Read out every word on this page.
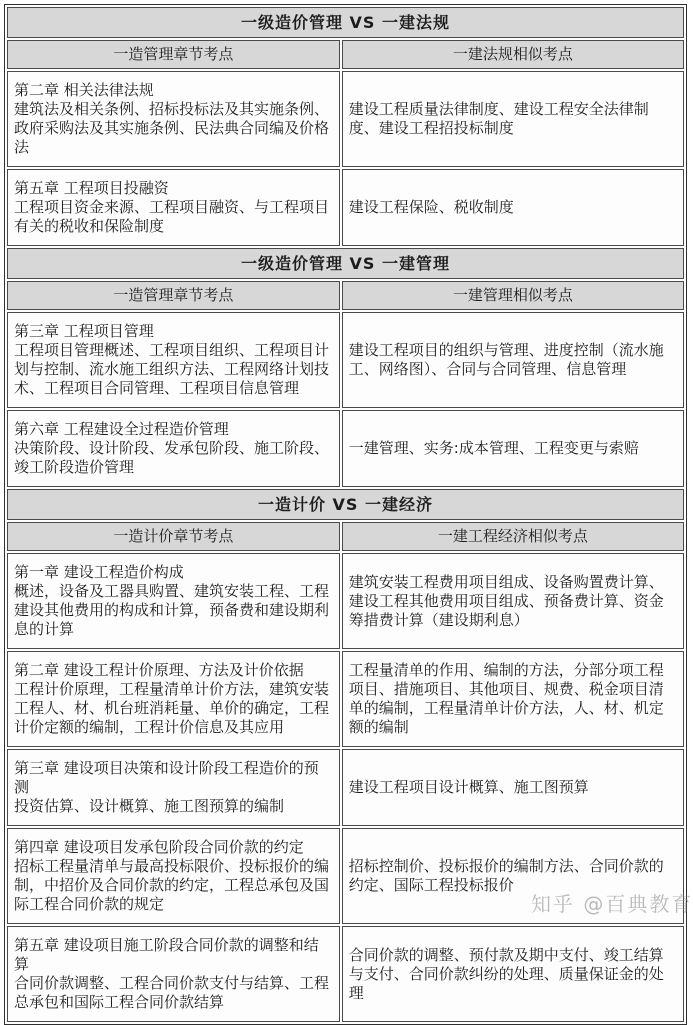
一级造价管理 VS 一建法规	
一造管理章节考点	一建法规相似考点

第二章 相关法律法规
建筑法及相关条例、招标投标法及其实施条例、政府采购法及其实施条例、民法典合同编及价格法	建设工程质量法律制度、建设工程安全法律制度、建设工程招投标制度

第五章 工程项目投融资
工程项目资金来源、工程项目融资、与工程项目有关的税收和保险制度	建设工程保险、税收制度
一级造价管理 VS 一建管理	
一造管理章节考点	一建管理相似考点

第三章 工程项目管理
工程项目管理概述、工程项目组织、工程项目计划与控制、流水施工组织方法、工程网络计划技术、工程项目合同管理、工程项目信息管理	建设工程项目的组织与管理、进度控制（流水施工、网络图）、合同与合同管理、信息管理

第六章 工程建设全过程造价管理
决策阶段、设计阶段、发承包阶段、施工阶段、竣工阶段造价管理	一建管理、实务:成本管理、工程变更与索赔
一造计价 VS 一建经济	
一造计价章节考点	一建工程经济相似考点

第一章 建设工程造价构成
概述，设备及工器具购置、建筑安装工程、工程建设其他费用的构成和计算，预备费和建设期利息的计算	建筑安装工程费用项目组成、设备购置费计算、建设工程其他费用项目组成、预备费计算、资金筹措费计算（建设期利息）

第二章 建设工程计价原理、方法及计价依据
工程计价原理，工程量清单计价方法，建筑安装工程人、材、机台班消耗量、单价的确定，工程计价定额的编制，工程计价信息及其应用	工程量清单的作用、编制的方法，分部分项工程项目、措施项目、其他项目、规费、税金项目清单的编制，工程量清单计价方法，人、材、机定额的编制

第三章 建设项目决策和设计阶段工程造价的预测
投资估算、设计概算、施工图预算的编制	建设工程项目设计概算、施工图预算

第四章 建设项目发承包阶段合同价款的约定
招标工程量清单与最高投标限价、投标报价的编制，中招价及合同价款的约定，工程总承包及国际工程合同价款的规定	招标控制价、投标报价的编制方法、合同价款的约定、国际工程投标报价

第五章 建设项目施工阶段合同价款的调整和结算
合同价款调整、工程合同价款支付与结算、工程总承包和国际工程合同价款结算	合同价款的调整、预付款及期中支付、竣工结算与支付、合同价款纠纷的处理、质量保证金的处理
知乎 @百典教育
